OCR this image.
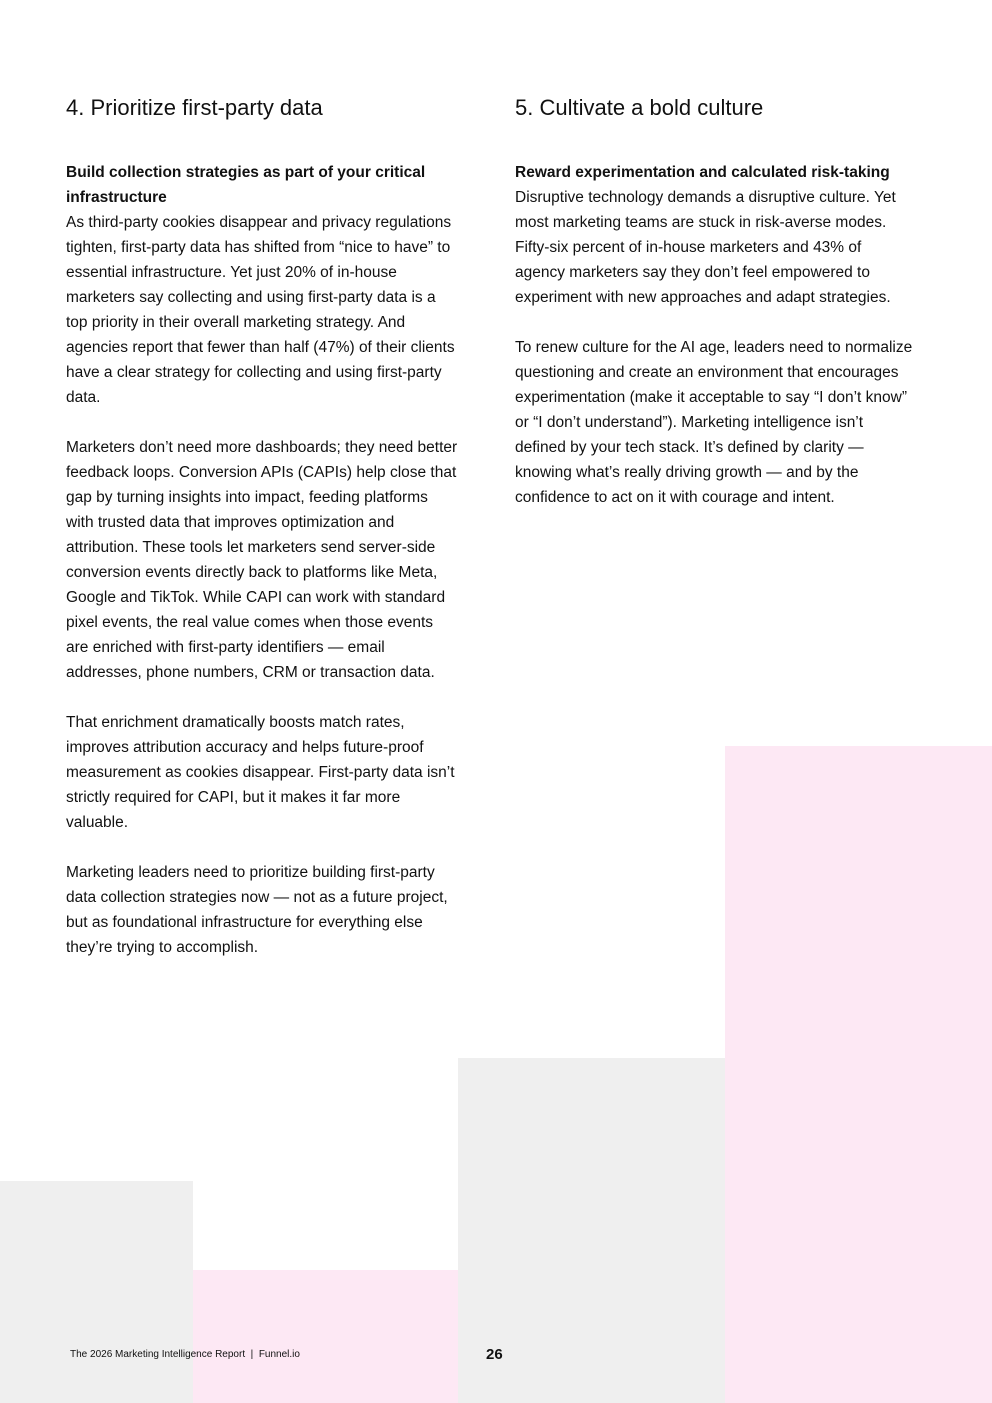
4. Prioritize first-party data
Build collection strategies as part of your critical infrastructure

As third-party cookies disappear and privacy regulations tighten, first-party data has shifted from “nice to have” to essential infrastructure. Yet just 20% of in-house marketers say collecting and using first-party data is a top priority in their overall marketing strategy. And agencies report that fewer than half (47%) of their clients have a clear strategy for collecting and using first-party data.

Marketers don’t need more dashboards; they need better feedback loops. Conversion APIs (CAPIs) help close that gap by turning insights into impact, feeding platforms with trusted data that improves optimization and attribution. These tools let marketers send server-side conversion events directly back to platforms like Meta, Google and TikTok. While CAPI can work with standard pixel events, the real value comes when those events are enriched with first-party identifiers — email addresses, phone numbers, CRM or transaction data.

That enrichment dramatically boosts match rates, improves attribution accuracy and helps future-proof measurement as cookies disappear. First-party data isn’t strictly required for CAPI, but it makes it far more valuable.

Marketing leaders need to prioritize building first-party data collection strategies now — not as a future project, but as foundational infrastructure for everything else they’re trying to accomplish.

5. Cultivate a bold culture
Reward experimentation and calculated risk-taking

Disruptive technology demands a disruptive culture. Yet most marketing teams are stuck in risk-averse modes. Fifty-six percent of in-house marketers and 43% of agency marketers say they don’t feel empowered to experiment with new approaches and adapt strategies.

To renew culture for the AI age, leaders need to normalize questioning and create an environment that encourages experimentation (make it acceptable to say “I don’t know” or “I don’t understand”). Marketing intelligence isn’t defined by your tech stack. It’s defined by clarity — knowing what’s really driving growth — and by the confidence to act on it with courage and intent.

The 2026 Marketing Intelligence Report  |  Funnel.io	26
